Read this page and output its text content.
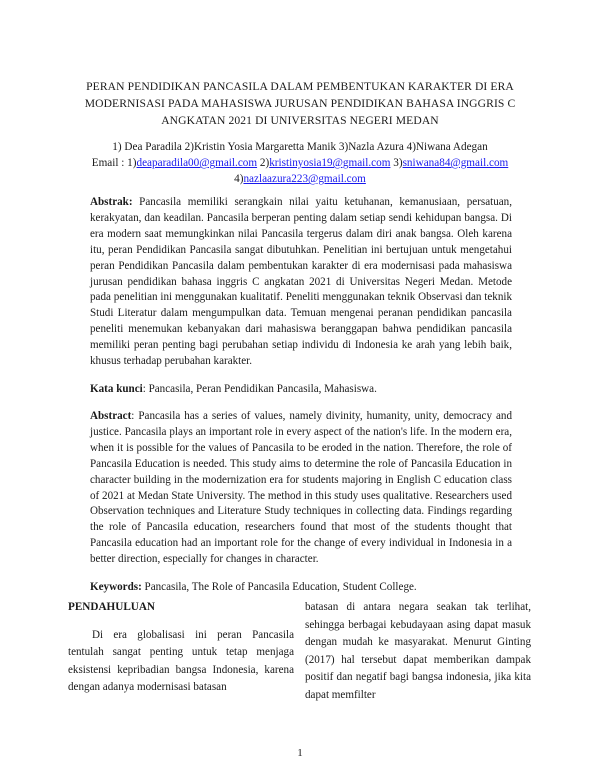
PERAN PENDIDIKAN PANCASILA DALAM PEMBENTUKAN KARAKTER DI ERA
MODERNISASI PADA MAHASISWA JURUSAN PENDIDIKAN BAHASA INGGRIS C
ANGKATAN 2021 DI UNIVERSITAS NEGERI MEDAN
1) Dea Paradila 2)Kristin Yosia Margaretta Manik 3)Nazla Azura 4)Niwana Adegan
Email : 1)deaparadila00@gmail.com 2)kristinyosia19@gmail.com 3)sniwana84@gmail.com
4)nazlaazura223@gmail.com
Abstrak: Pancasila memiliki serangkain nilai yaitu ketuhanan, kemanusiaan, persatuan, kerakyatan, dan keadilan. Pancasila berperan penting dalam setiap sendi kehidupan bangsa. Di era modern saat memungkinkan nilai Pancasila tergerus dalam diri anak bangsa. Oleh karena itu, peran Pendidikan Pancasila sangat dibutuhkan. Penelitian ini bertujuan untuk mengetahui peran Pendidikan Pancasila dalam pembentukan karakter di era modernisasi pada mahasiswa jurusan pendidikan bahasa inggris C angkatan 2021 di Universitas Negeri Medan. Metode pada penelitian ini menggunakan kualitatif. Peneliti menggunakan teknik Observasi dan teknik Studi Literatur dalam mengumpulkan data. Temuan mengenai peranan pendidikan pancasila peneliti menemukan kebanyakan dari mahasiswa beranggapan bahwa pendidikan pancasila memiliki peran penting bagi perubahan setiap individu di Indonesia ke arah yang lebih baik, khusus terhadap perubahan karakter.
Kata kunci: Pancasila, Peran Pendidikan Pancasila, Mahasiswa.
Abstract: Pancasila has a series of values, namely divinity, humanity, unity, democracy and justice. Pancasila plays an important role in every aspect of the nation's life. In the modern era, when it is possible for the values of Pancasila to be eroded in the nation. Therefore, the role of Pancasila Education is needed. This study aims to determine the role of Pancasila Education in character building in the modernization era for students majoring in English C education class of 2021 at Medan State University. The method in this study uses qualitative. Researchers used Observation techniques and Literature Study techniques in collecting data. Findings regarding the role of Pancasila education, researchers found that most of the students thought that Pancasila education had an important role for the change of every individual in Indonesia in a better direction, especially for changes in character.
Keywords: Pancasila, The Role of Pancasila Education, Student College.
PENDAHULUAN
Di era globalisasi ini peran Pancasila tentulah sangat penting untuk tetap menjaga eksistensi kepribadian bangsa Indonesia, karena dengan adanya modernisasi batasan
batasan di antara negara seakan tak terlihat, sehingga berbagai kebudayaan asing dapat masuk dengan mudah ke masyarakat. Menurut Ginting (2017) hal tersebut dapat memberikan dampak positif dan negatif bagi bangsa indonesia, jika kita dapat memfilter
1
